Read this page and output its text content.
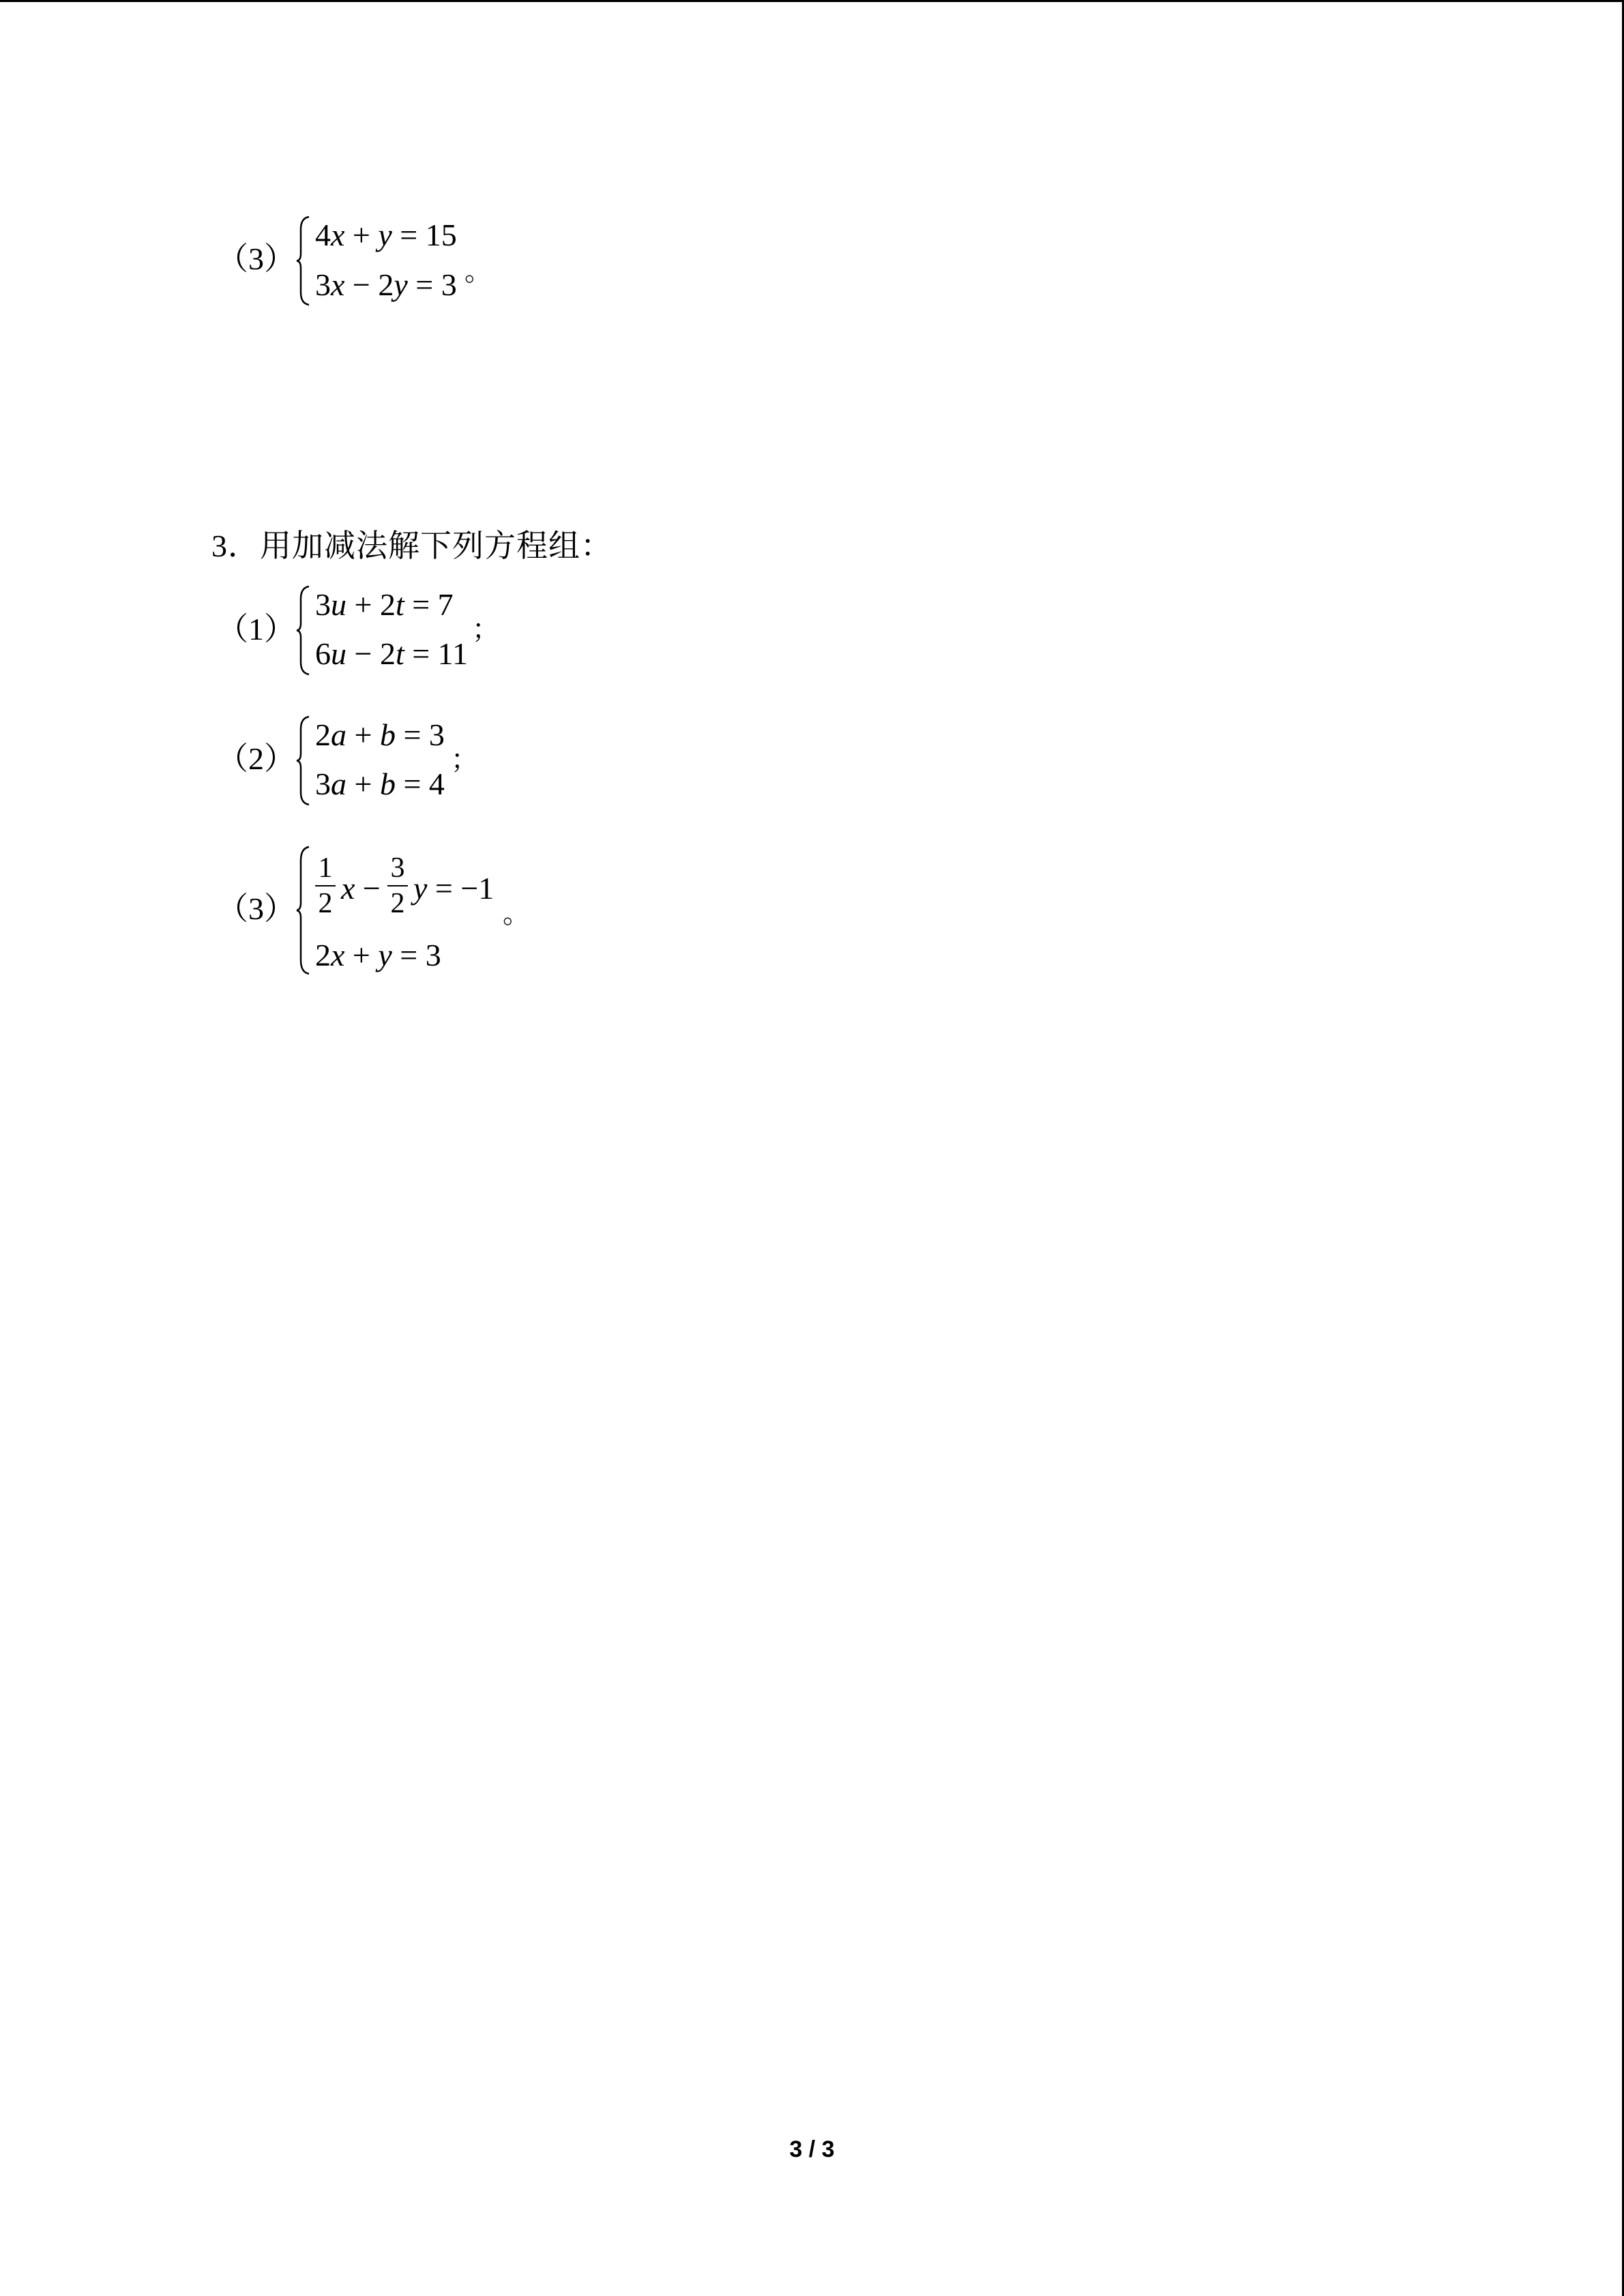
（3）
4x + y = 15
3x − 2y = 3 。
3．用加减法解下列方程组：
（1）
3u + 2t = 7
6u − 2t = 11
；
（2）
2a + b = 3
3a + b = 4
；
（3）
1
2 x −
3
2 y = −1
2x + y = 3
。
3 / 3
